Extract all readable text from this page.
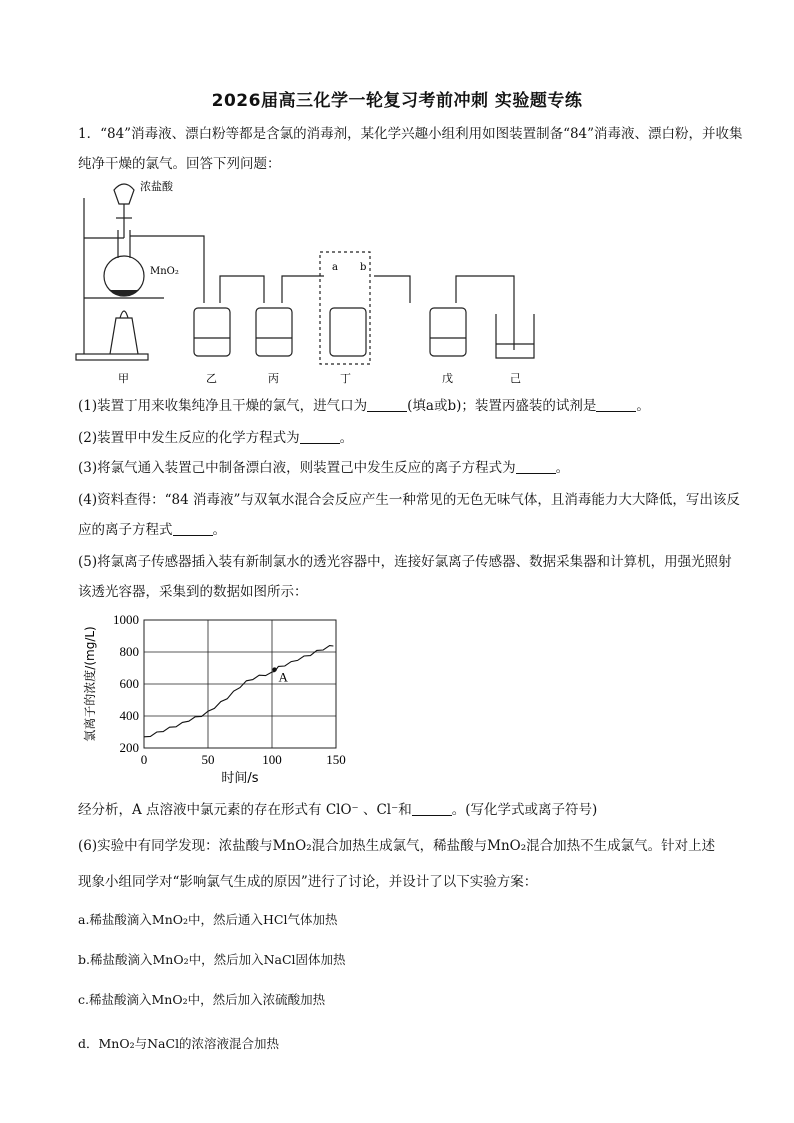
2026届高三化学一轮复习考前冲刺 实验题专练
1．“84”消毒液、漂白粉等都是含氯的消毒剂，某化学兴趣小组利用如图装置制备“84”消毒液、漂白粉，并收集
纯净干燥的氯气。回答下列问题：
浓盐酸
MnO₂	a b
甲	乙	丙	丁	戊	己
(1)装置丁用来收集纯净且干燥的氯气，进气口为	(填a或b)；装置丙盛装的试剂是	。
(2)装置甲中发生反应的化学方程式为	。
(3)将氯气通入装置己中制备漂白液，则装置己中发生反应的离子方程式为	。
(4)资料查得：“84 消毒液”与双氧水混合会反应产生一种常见的无色无味气体，且消毒能力大大降低，写出该反
应的离子方程式	。
(5)将氯离子传感器插入装有新制氯水的透光容器中，连接好氯离子传感器、数据采集器和计算机，用强光照射
该透光容器，采集到的数据如图所示：
0	50	100	150
200
400
600
800
1000
A
时间/s
氯离子的浓度/(mg/L)
经分析，A 点溶液中氯元素的存在形式有 ClO⁻ 、Cl⁻和	。(写化学式或离子符号)
(6)实验中有同学发现：浓盐酸与MnO₂混合加热生成氯气，稀盐酸与MnO₂混合加热不生成氯气。针对上述
现象小组同学对“影响氯气生成的原因”进行了讨论，并设计了以下实验方案：
a.稀盐酸滴入MnO₂中，然后通入HCl气体加热
b.稀盐酸滴入MnO₂中，然后加入NaCl固体加热
c.稀盐酸滴入MnO₂中，然后加入浓硫酸加热
d．MnO₂与NaCl的浓溶液混合加热
